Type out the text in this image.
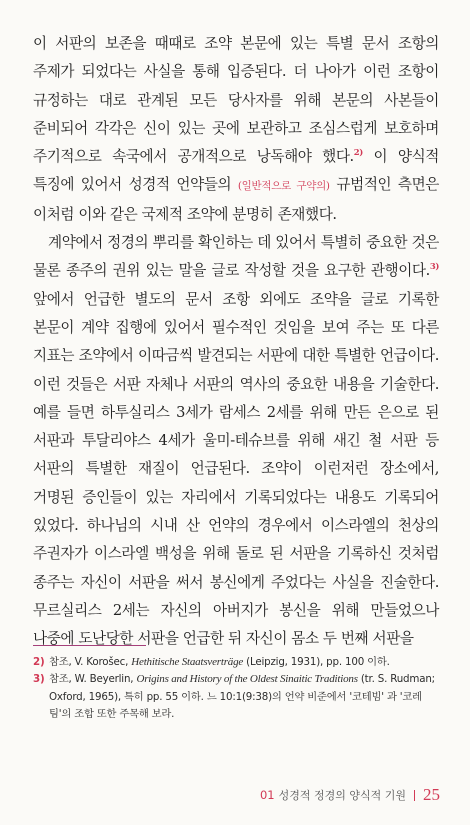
이 서판의 보존을 때때로 조약 본문에 있는 특별 문서 조항의 주제가 되었다는 사실을 통해 입증된다. 더 나아가 이런 조항이 규정하는 대로 관계된 모든 당사자를 위해 본문의 사본들이 준비되어 각각은 신이 있는 곳에 보관하고 조심스럽게 보호하며 주기적으로 속국에서 공개적으로 낭독해야 했다.$^{2)}$ 이 양식적 특징에 있어서 성경적 언약들의 (일반적으로 구약의) 규범적인 측면은 이처럼 이와 같은 국제적 조약에 분명히 존재했다.

계약에서 정경의 뿌리를 확인하는 데 있어서 특별히 중요한 것은 물론 종주의 권위 있는 말을 글로 작성할 것을 요구한 관행이다.$^{3)}$ 앞에서 언급한 별도의 문서 조항 외에도 조약을 글로 기록한 본문이 계약 집행에 있어서 필수적인 것임을 보여 주는 또 다른 지표는 조약에서 이따금씩 발견되는 서판에 대한 특별한 언급이다. 이런 것들은 서판 자체나 서판의 역사의 중요한 내용을 기술한다. 예를 들면 하투실리스 3세가 람세스 2세를 위해 만든 은으로 된 서판과 투달리야스 4세가 울미-테슈브를 위해 새긴 철 서판 등 서판의 특별한 재질이 언급된다. 조약이 이런저런 장소에서, 거명된 증인들이 있는 자리에서 기록되었다는 내용도 기록되어 있었다. 하나님의 시내 산 언약의 경우에서 이스라엘의 천상의 주권자가 이스라엘 백성을 위해 돌로 된 서판을 기록하신 것처럼 종주는 자신이 서판을 써서 봉신에게 주었다는 사실을 진술한다. 무르실리스 2세는 자신의 아버지가 봉신을 위해 만들었으나 나중에 도난당한 서판을 언급한 뒤 자신이 몸소 두 번째 서판을

2) 참조, V. Korošec, Hethitische Staatsverträge (Leipzig, 1931), pp. 100 이하.
3) 참조, W. Beyerlin, Origins and History of the Oldest Sinaitic Traditions (tr. S. Rudman; Oxford, 1965), 특히 pp. 55 이하. 느 10:1(9:38)의 언약 비준에서 '코테빔' 과 '코레팀'의 조합 또한 주목해 보라.
01 성경적 정경의 양식적 기원 25
